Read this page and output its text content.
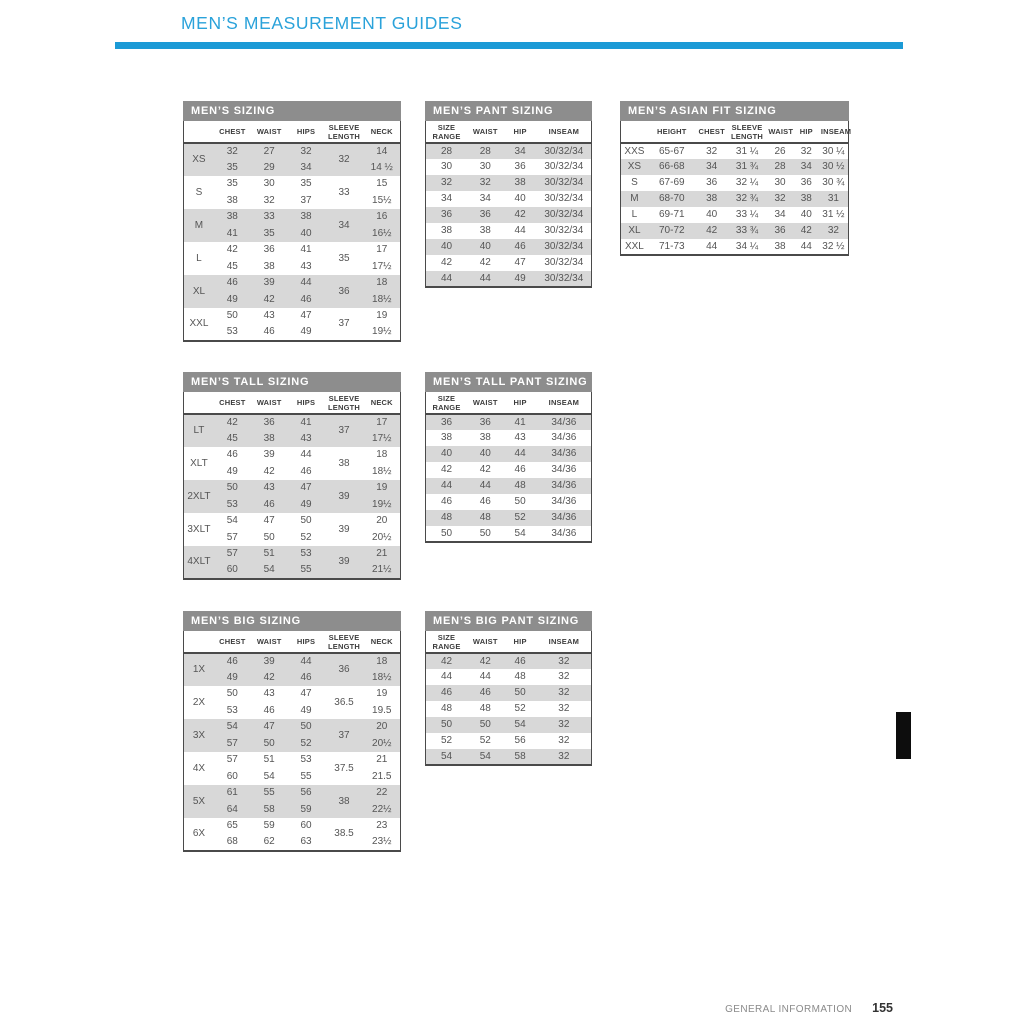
MEN’S MEASUREMENT GUIDES
MEN’S SIZING
	CHEST	WAIST	HIPS	SLEEVE LENGTH	NECK
XS	32	27	32	32	14
	35	29	34		14 ½
S	35	30	35	33	15
	38	32	37		15½
M	38	33	38	34	16
	41	35	40		16½
L	42	36	41	35	17
	45	38	43		17½
XL	46	39	44	36	18
	49	42	46		18½
XXL	50	43	47	37	19
	53	46	49		19½
MEN’S PANT SIZING
SIZE RANGE	WAIST	HIP	INSEAM
28	28	34	30/32/34
30	30	36	30/32/34
32	32	38	30/32/34
34	34	40	30/32/34
36	36	42	30/32/34
38	38	44	30/32/34
40	40	46	30/32/34
42	42	47	30/32/34
44	44	49	30/32/34
MEN’S ASIAN FIT SIZING
	HEIGHT	CHEST	SLEEVE LENGTH	WAIST	HIP	INSEAM
XXS	65-67	32	31 ¼	26	32	30 ¼
XS	66-68	34	31 ¾	28	34	30 ½
S	67-69	36	32 ¼	30	36	30 ¾
M	68-70	38	32 ¾	32	38	31
L	69-71	40	33 ¼	34	40	31 ½
XL	70-72	42	33 ¾	36	42	32
XXL	71-73	44	34 ¼	38	44	32 ½
MEN’S TALL SIZING
	CHEST	WAIST	HIPS	SLEEVE LENGTH	NECK
LT	42	36	41	37	17
	45	38	43		17½
XLT	46	39	44	38	18
	49	42	46		18½
2XLT	50	43	47	39	19
	53	46	49		19½
3XLT	54	47	50	39	20
	57	50	52		20½
4XLT	57	51	53	39	21
	60	54	55		21½
MEN’S TALL PANT SIZING
SIZE RANGE	WAIST	HIP	INSEAM
36	36	41	34/36
38	38	43	34/36
40	40	44	34/36
42	42	46	34/36
44	44	48	34/36
46	46	50	34/36
48	48	52	34/36
50	50	54	34/36
MEN’S BIG SIZING
	CHEST	WAIST	HIPS	SLEEVE LENGTH	NECK
1X	46	39	44	36	18
	49	42	46		18½
2X	50	43	47	36.5	19
	53	46	49		19.5
3X	54	47	50	37	20
	57	50	52		20½
4X	57	51	53	37.5	21
	60	54	55		21.5
5X	61	55	56	38	22
	64	58	59		22½
6X	65	59	60	38.5	23
	68	62	63		23½
MEN’S BIG PANT SIZING
SIZE RANGE	WAIST	HIP	INSEAM
42	42	46	32
44	44	48	32
46	46	50	32
48	48	52	32
50	50	54	32
52	52	56	32
54	54	58	32
GENERAL INFORMATION 155
